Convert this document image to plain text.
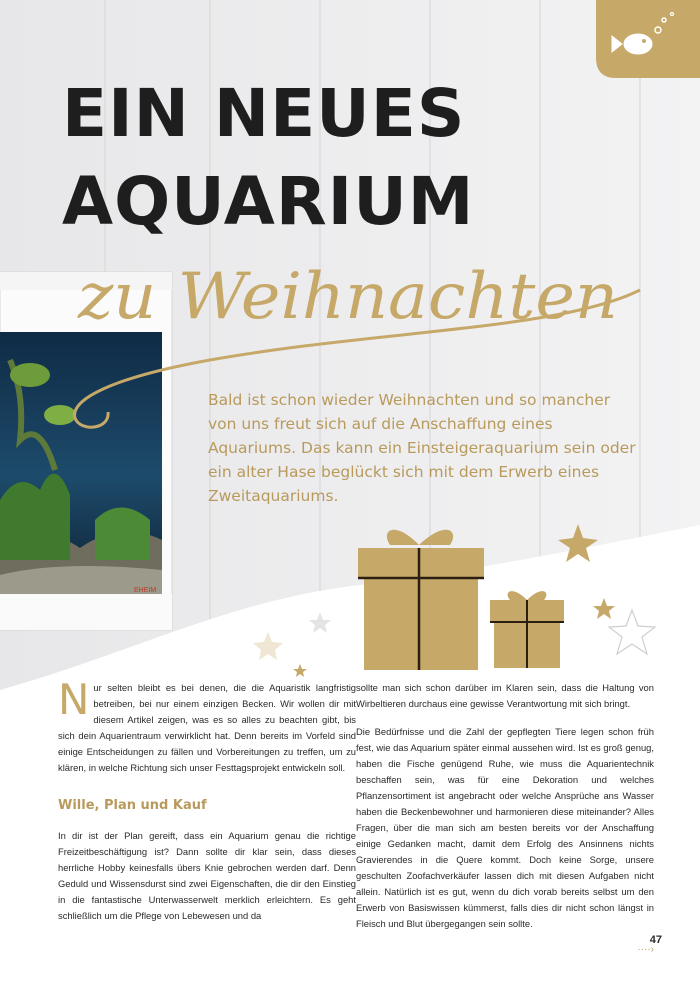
EHEIM
EIN NEUES
AQUARIUM
zu Weihnachten

Bald ist schon wieder Weihnachten und so mancher von uns freut sich auf die Anschaffung eines Aquariums. Das kann ein Einsteigeraquarium sein oder ein alter Hase beglückt sich mit dem Erwerb eines Zweitaquariums.

Nur selten bleibt es bei denen, die die Aquaristik langfristig betreiben, bei nur einem einzigen Becken. Wir wollen dir mit diesem Artikel zeigen, was es so alles zu beachten gibt, bis sich dein Aquarientraum verwirklicht hat. Denn bereits im Vorfeld sind einige Entscheidungen zu fällen und Vorbereitungen zu treffen, um zu klären, in welche Richtung sich unser Festtagsprojekt entwickeln soll.

Wille, Plan und Kauf

In dir ist der Plan gereift, dass ein Aquarium genau die richtige Freizeitbeschäftigung ist? Dann sollte dir klar sein, dass dieses herrliche Hobby keinesfalls übers Knie gebrochen werden darf. Denn Geduld und Wissensdurst sind zwei Eigenschaften, die dir den Einstieg in die fantastische Unterwasserwelt merklich erleichtern. Es geht schließlich um die Pflege von Lebewesen und da

sollte man sich schon darüber im Klaren sein, dass die Haltung von Wirbeltieren durchaus eine gewisse Verantwortung mit sich bringt.

Die Bedürfnisse und die Zahl der gepflegten Tiere legen schon früh fest, wie das Aquarium später einmal aussehen wird. Ist es groß genug, haben die Fische genügend Ruhe, wie muss die Aquarientechnik beschaffen sein, was für eine Dekoration und welches Pflanzensortiment ist angebracht oder welche Ansprüche ans Wasser haben die Beckenbewohner und harmonieren diese miteinander? Alles Fragen, über die man sich am besten bereits vor der Anschaffung einige Gedanken macht, damit dem Erfolg des Ansinnens nichts Gravierendes in die Quere kommt. Doch keine Sorge, unsere geschulten Zoofachverkäufer lassen dich mit diesen Aufgaben nicht allein. Natürlich ist es gut, wenn du dich vorab bereits selbst um den Erwerb von Basiswissen kümmerst, falls dies dir nicht schon längst in Fleisch und Blut übergegangen sein sollte.

····›
47
